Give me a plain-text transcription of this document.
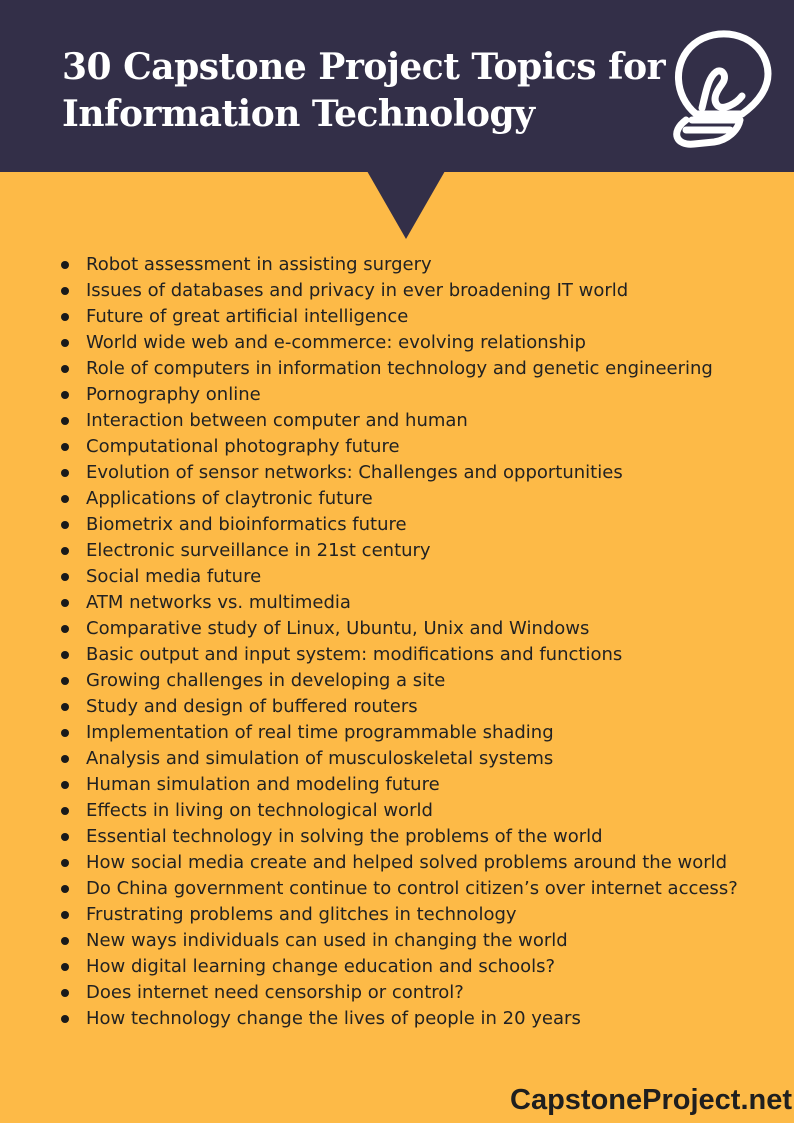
30 Capstone Project Topics for
Information Technology
Robot assessment in assisting surgery
Issues of databases and privacy in ever broadening IT world
Future of great artificial intelligence
World wide web and e-commerce: evolving relationship
Role of computers in information technology and genetic engineering
Pornography online
Interaction between computer and human
Computational photography future
Evolution of sensor networks: Challenges and opportunities
Applications of claytronic future
Biometrix and bioinformatics future
Electronic surveillance in 21st century
Social media future
ATM networks vs. multimedia
Comparative study of Linux, Ubuntu, Unix and Windows
Basic output and input system: modifications and functions
Growing challenges in developing a site
Study and design of buffered routers
Implementation of real time programmable shading
Analysis and simulation of musculoskeletal systems
Human simulation and modeling future
Effects in living on technological world
Essential technology in solving the problems of the world
How social media create and helped solved problems around the world
Do China government continue to control citizen’s over internet access?
Frustrating problems and glitches in technology
New ways individuals can used in changing the world
How digital learning change education and schools?
Does internet need censorship or control?
How technology change the lives of people in 20 years

CapstoneProject.net
